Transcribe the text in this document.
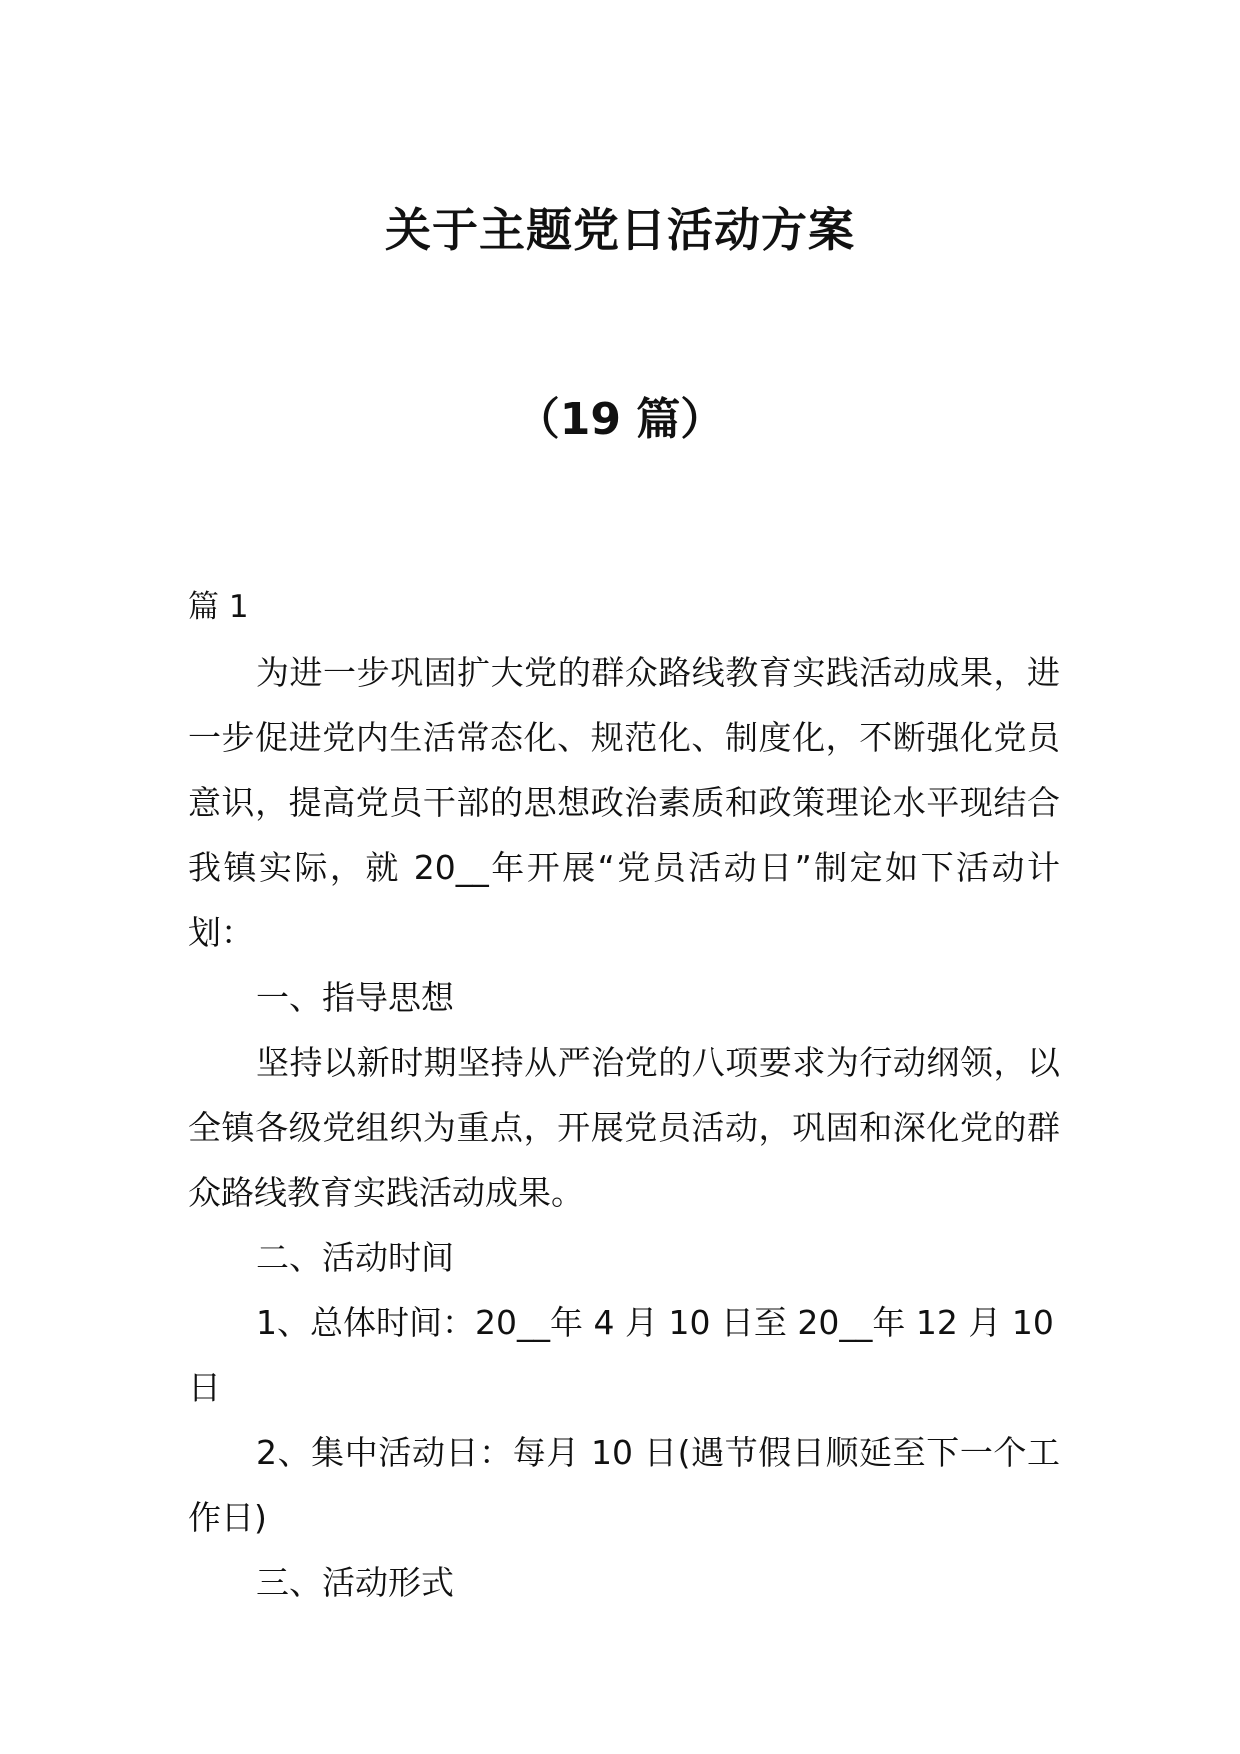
关于主题党日活动方案
（19 篇）

篇 1

为进一步巩固扩大党的群众路线教育实践活动成果，进一步促进党内生活常态化、规范化、制度化，不断强化党员意识，提高党员干部的思想政治素质和政策理论水平现结合我镇实际，就 20__年开展“党员活动日”制定如下活动计划：

一、指导思想

坚持以新时期坚持从严治党的八项要求为行动纲领，以全镇各级党组织为重点，开展党员活动，巩固和深化党的群众路线教育实践活动成果。

二、活动时间

1、总体时间：20__年 4 月 10 日至 20__年 12 月 10 日

2、集中活动日：每月 10 日(遇节假日顺延至下一个工作日)

三、活动形式
